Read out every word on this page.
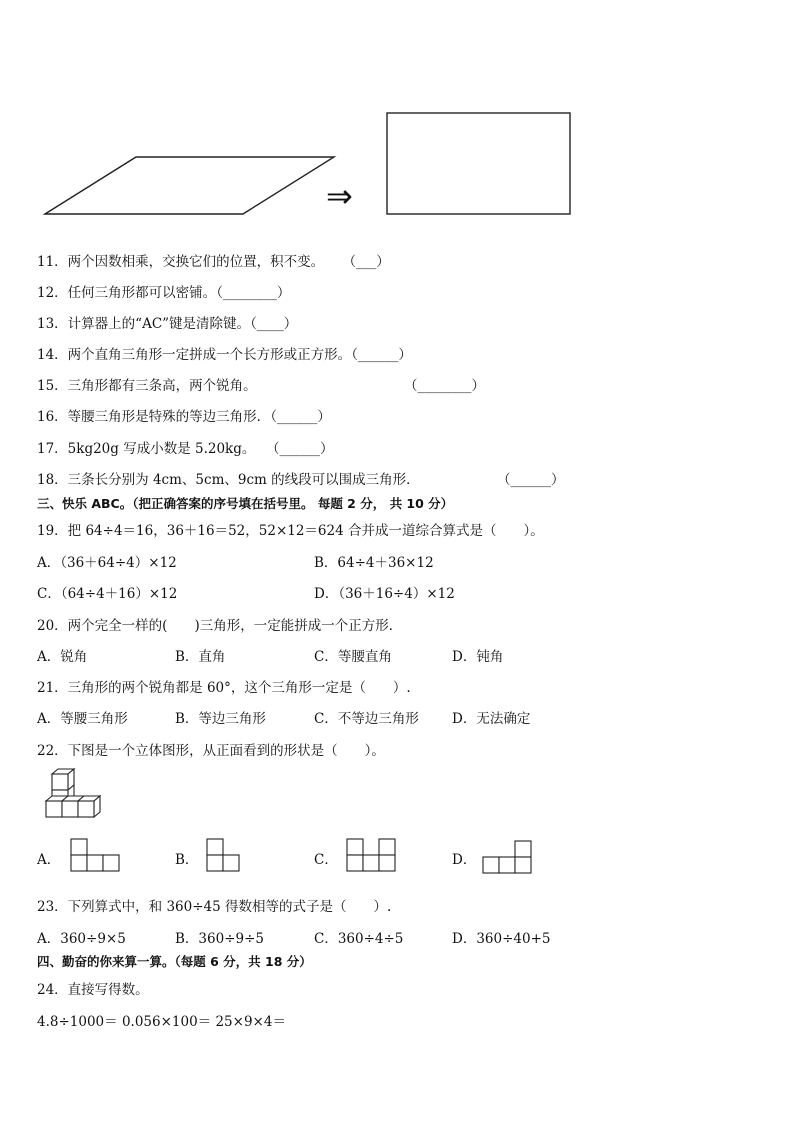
⇒
11．两个因数相乘，交换它们的位置，积不变。 （___）
12．任何三角形都可以密铺。（________）
13．计算器上的“AC”键是清除键。（____）
14．两个直角三角形一定拼成一个长方形或正方形。（______）
15．三角形都有三条高，两个锐角。	（________）
16．等腰三角形是特殊的等边三角形．（______）
17．5kg20g 写成小数是 5.20kg。 （______）
18．三条长分别为 4cm、5cm、9cm 的线段可以围成三角形．	（______）
三、快乐 ABC。（把正确答案的序号填在括号里。 每题 2 分， 共 10 分）
19．把 64÷4＝16，36＋16＝52，52×12＝624 合并成一道综合算式是（　　）。
A．（36＋64÷4）×12	B．64÷4＋36×12
C．（64÷4＋16）×12	D．（36＋16÷4）×12
20．两个完全一样的(　　)三角形，一定能拼成一个正方形．
A．锐角	B．直角	C．等腰直角	D．钝角
21．三角形的两个锐角都是 60°，这个三角形一定是（　　）.
A．等腰三角形	B．等边三角形	C．不等边三角形 D．无法确定
22．下图是一个立体图形，从正面看到的形状是（　　）。
A．	B．	C．	D．
23．下列算式中，和 360÷45 得数相等的式子是（　　）.
A．360÷9×5	B．360÷9÷5	C．360÷4÷5	D．360÷40+5
四、勤奋的你来算一算。（每题 6 分，共 18 分）
24．直接写得数。
4.8÷1000＝ 0.056×100＝ 25×9×4＝
